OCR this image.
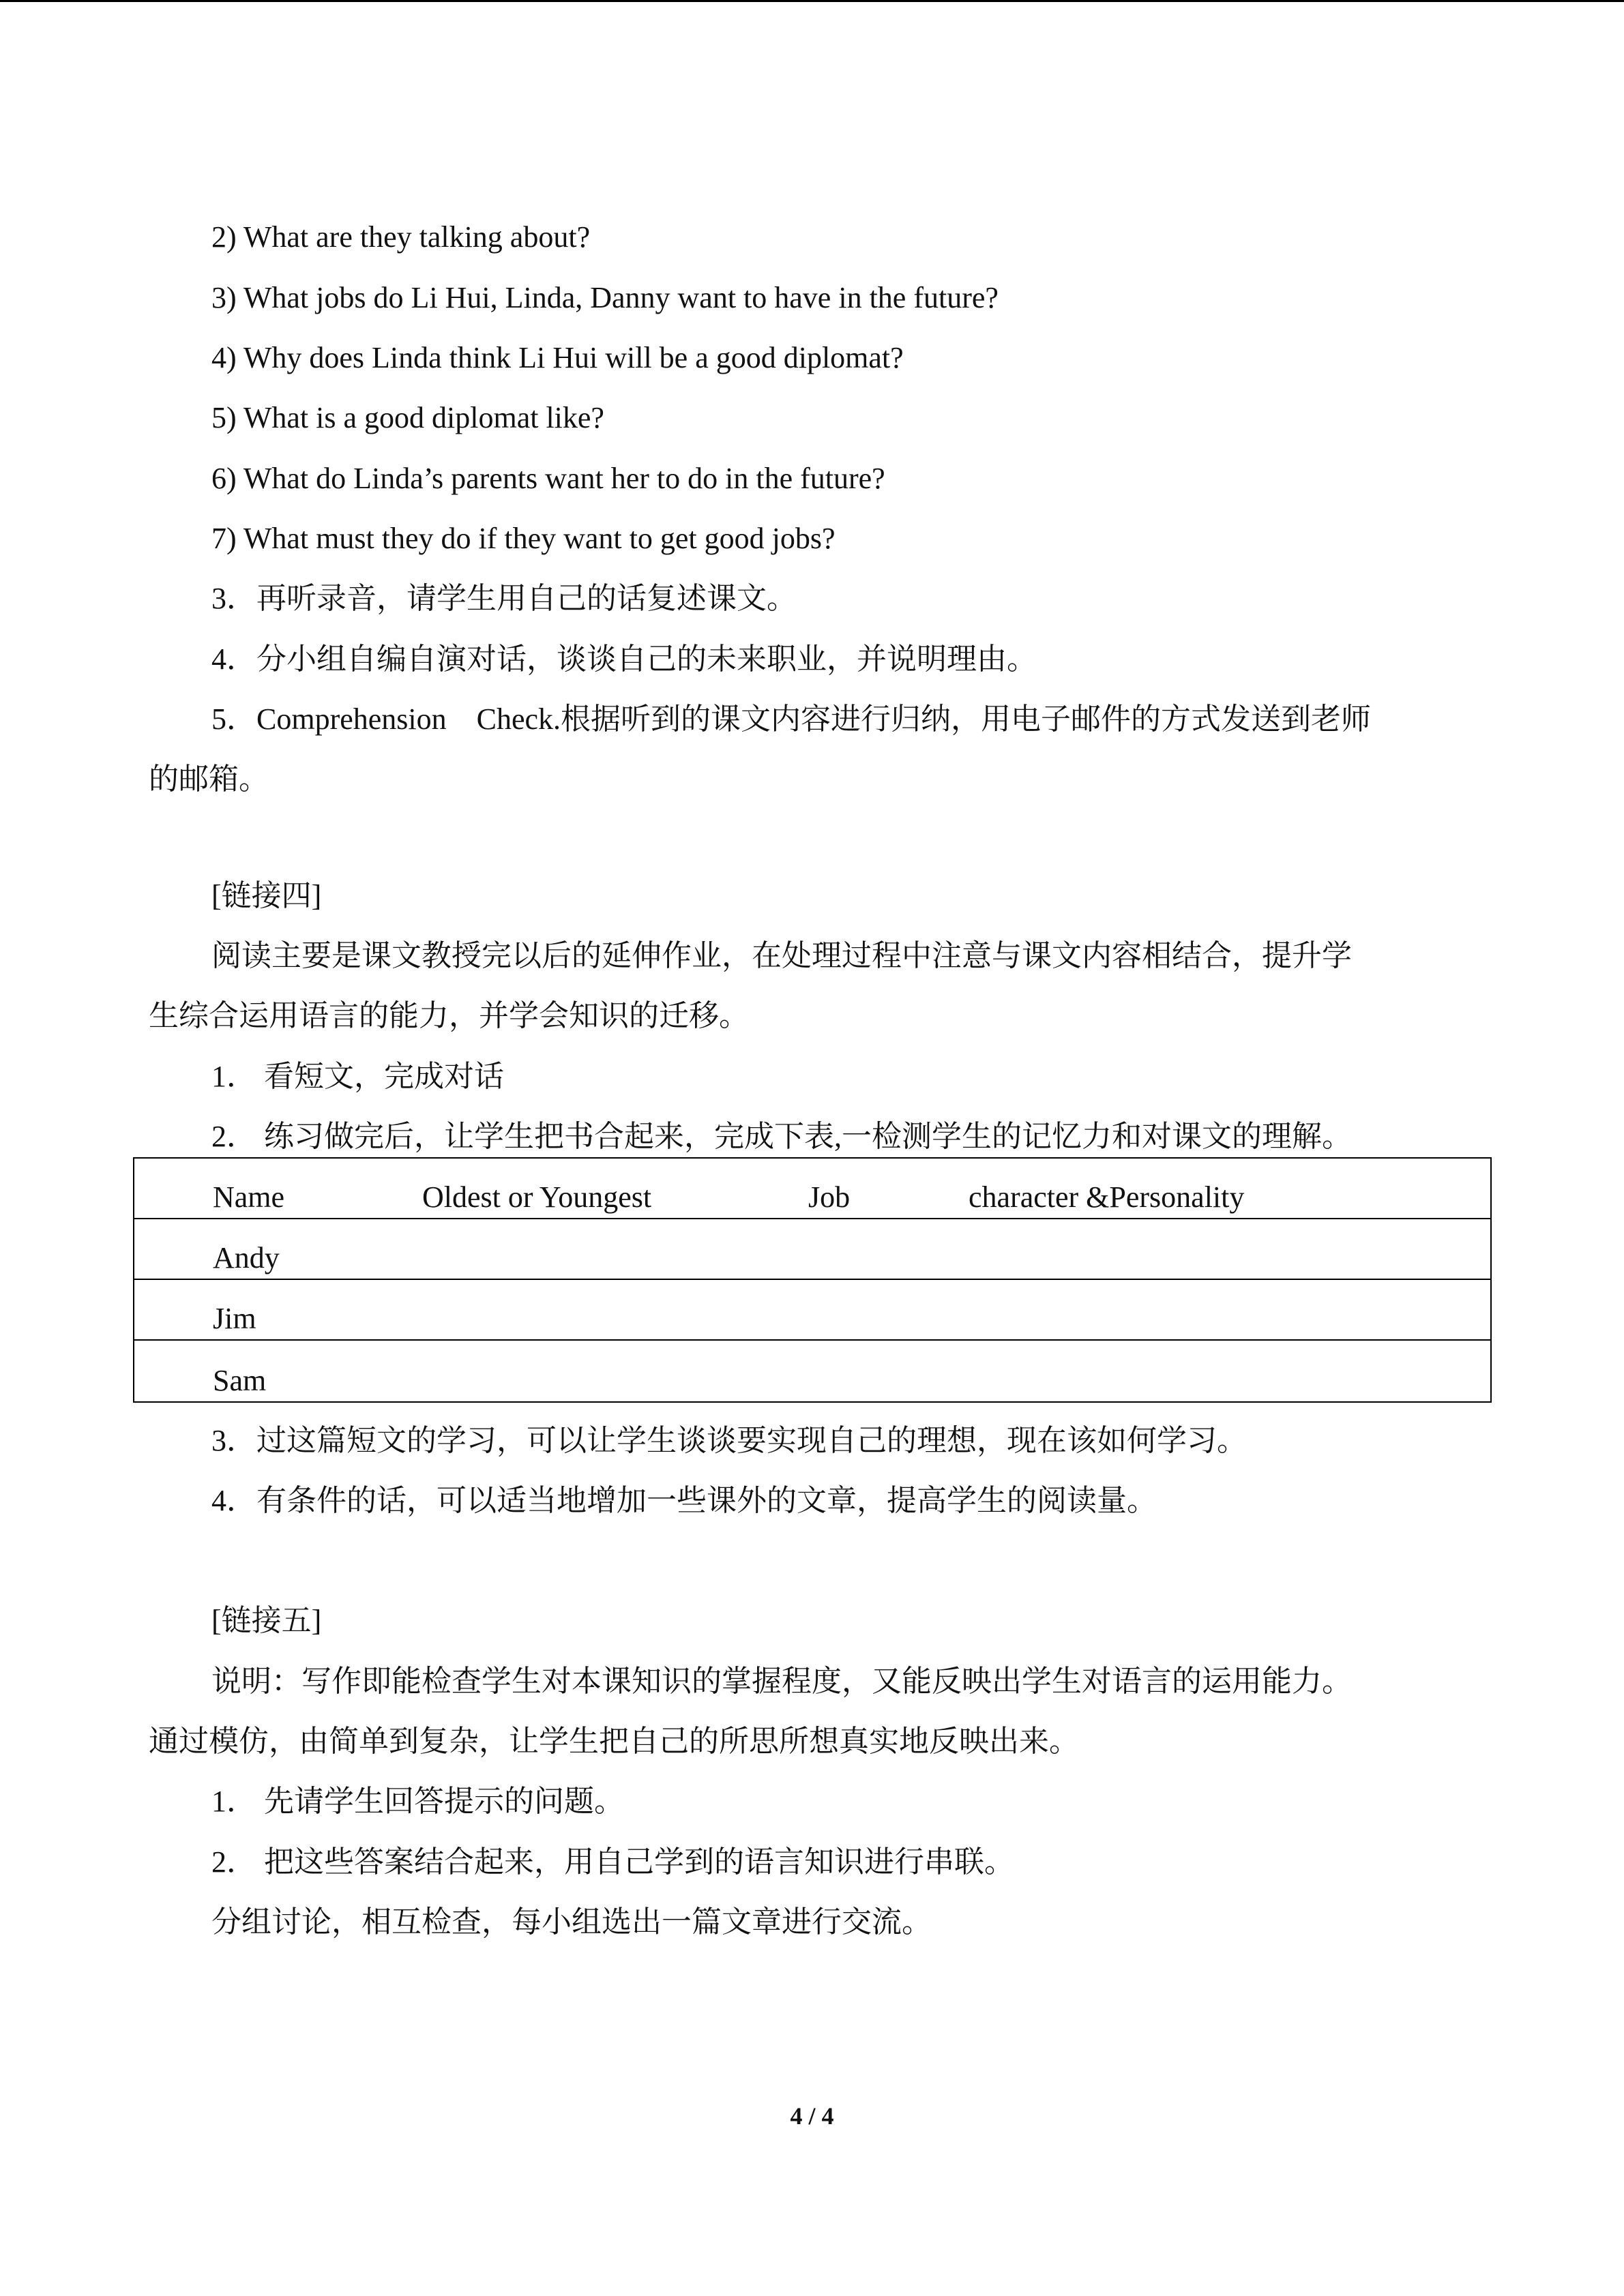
2) What are they talking about?
3) What jobs do Li Hui, Linda, Danny want to have in the future?
4) Why does Linda think Li Hui will be a good diplomat?
5) What is a good diplomat like?
6) What do Linda’s parents want her to do in the future?
7) What must they do if they want to get good jobs?
3．再听录音，请学生用自己的话复述课文。
4．分小组自编自演对话，谈谈自己的未来职业，并说明理由。
5．Comprehension　Check.根据听到的课文内容进行归纳，用电子邮件的方式发送到老师
的邮箱。
[链接四]
阅读主要是课文教授完以后的延伸作业，在处理过程中注意与课文内容相结合，提升学
生综合运用语言的能力，并学会知识的迁移。
1． 看短文，完成对话
2． 练习做完后，让学生把书合起来，完成下表,一检测学生的记忆力和对课文的理解。
Name	Oldest or Youngest	Job	character &Personality
Andy
Jim
Sam
3．过这篇短文的学习，可以让学生谈谈要实现自己的理想，现在该如何学习。
4．有条件的话，可以适当地增加一些课外的文章，提高学生的阅读量。
[链接五]
说明：写作即能检查学生对本课知识的掌握程度，又能反映出学生对语言的运用能力。
通过模仿，由简单到复杂，让学生把自己的所思所想真实地反映出来。
1． 先请学生回答提示的问题。
2． 把这些答案结合起来，用自己学到的语言知识进行串联。
分组讨论，相互检查，每小组选出一篇文章进行交流。
4 / 4
